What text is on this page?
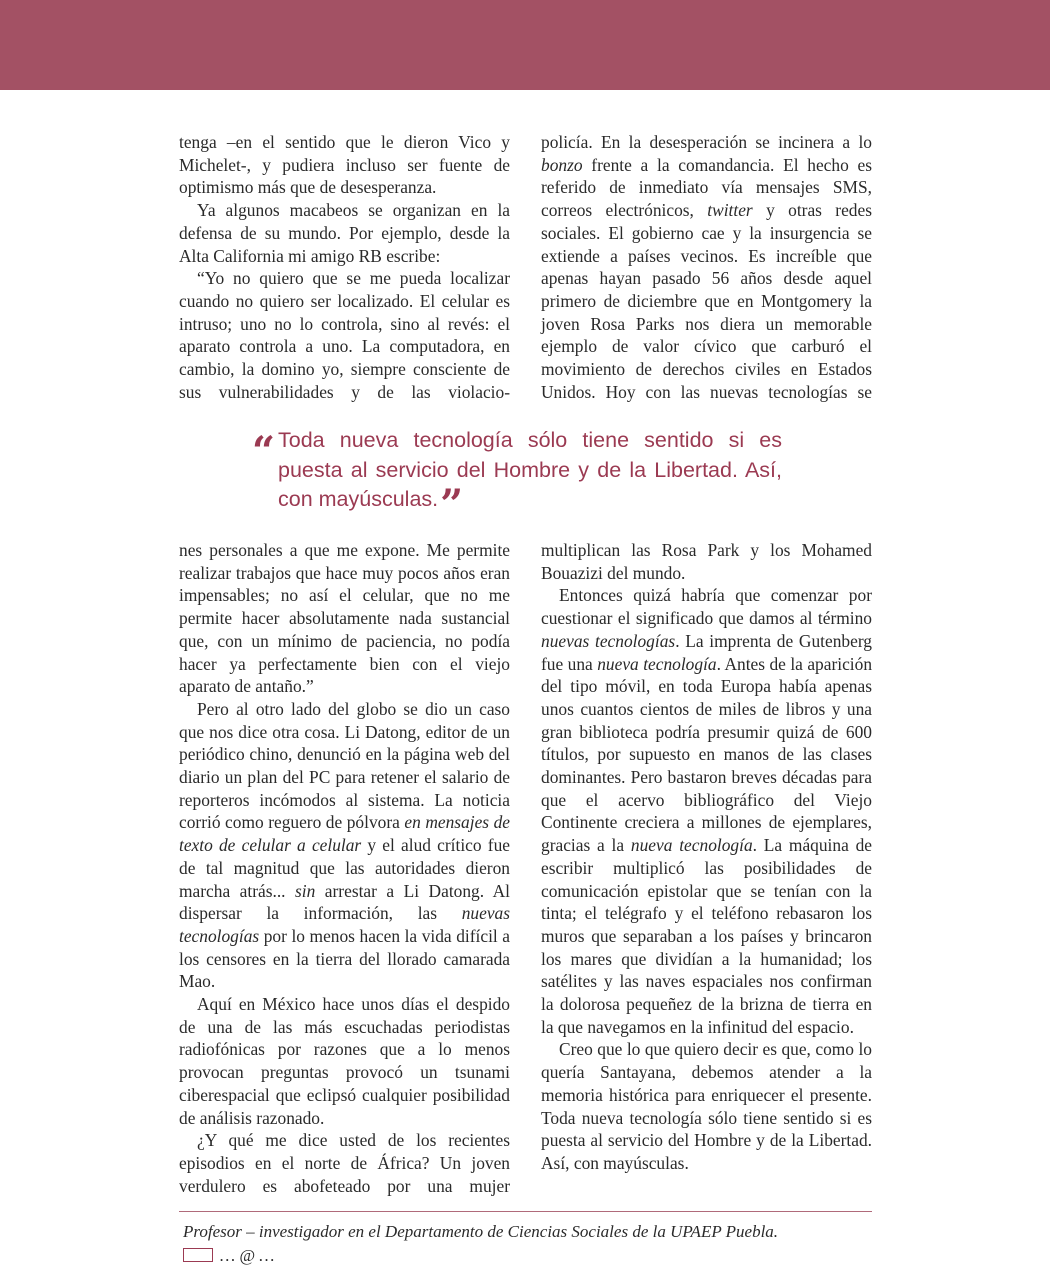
tenga –en el sentido que le dieron Vico y Michelet-, y pudiera incluso ser fuente de optimismo más que de desesperanza.

Ya algunos macabeos se organizan en la defensa de su mundo. Por ejemplo, desde la Alta California mi amigo RB escribe:

“Yo no quiero que se me pueda localizar cuando no quiero ser localizado. El celular es intruso; uno no lo controla, sino al revés: el aparato controla a uno. La computadora, en cambio, la domino yo, siempre consciente de sus vulnerabilidades y de las violacio-

policía. En la desesperación se incinera a lo bonzo frente a la comandancia. El hecho es referido de inmediato vía mensajes SMS, correos electrónicos, twitter y otras redes sociales. El gobierno cae y la insurgencia se extiende a países vecinos. Es increíble que apenas hayan pasado 56 años desde aquel primero de diciembre que en Montgomery la joven Rosa Parks nos diera un memorable ejemplo de valor cívico que carburó el movimiento de derechos civiles en Estados Unidos. Hoy con las nuevas tecnologías se

“ Toda nueva tecnología sólo tiene sentido si es puesta al servicio del Hombre y de la Libertad. Así, con mayúsculas.”

nes personales a que me expone. Me permite realizar trabajos que hace muy pocos años eran impensables; no así el celular, que no me permite hacer absolutamente nada sustancial que, con un mínimo de paciencia, no podía hacer ya perfectamente bien con el viejo aparato de antaño.”

Pero al otro lado del globo se dio un caso que nos dice otra cosa. Li Datong, editor de un periódico chino, denunció en la página web del diario un plan del PC para retener el salario de reporteros incómodos al sistema. La noticia corrió como reguero de pólvora en mensajes de texto de celular a celular y el alud crítico fue de tal magnitud que las autoridades dieron marcha atrás... sin arrestar a Li Datong. Al dispersar la información, las nuevas tecnologías por lo menos hacen la vida difícil a los censores en la tierra del llorado camarada Mao.

Aquí en México hace unos días el despido de una de las más escuchadas periodistas radiofónicas por razones que a lo menos provocan preguntas provocó un tsunami ciberespacial que eclipsó cualquier posibilidad de análisis razonado.

¿Y qué me dice usted de los recientes episodios en el norte de África? Un joven verdulero es abofeteado por una mujer

multiplican las Rosa Park y los Mohamed Bouazizi del mundo.

Entonces quizá habría que comenzar por cuestionar el significado que damos al término nuevas tecnologías. La imprenta de Gutenberg fue una nueva tecnología. Antes de la aparición del tipo móvil, en toda Europa había apenas unos cuantos cientos de miles de libros y una gran biblioteca podría presumir quizá de 600 títulos, por supuesto en manos de las clases dominantes. Pero bastaron breves décadas para que el acervo bibliográfico del Viejo Continente creciera a millones de ejemplares, gracias a la nueva tecnología. La máquina de escribir multiplicó las posibilidades de comunicación epistolar que se tenían con la tinta; el telégrafo y el teléfono rebasaron los muros que separaban a los países y brincaron los mares que dividían a la humanidad; los satélites y las naves espaciales nos confirman la dolorosa pequeñez de la brizna de tierra en la que navegamos en la infinitud del espacio.

Creo que lo que quiero decir es que, como lo quería Santayana, debemos atender a la memoria histórica para enriquecer el presente. Toda nueva tecnología sólo tiene sentido si es puesta al servicio del Hombre y de la Libertad. Así, con mayúsculas.

Profesor – investigador en el Departamento de Ciencias Sociales de la UPAEP Puebla.
… @ …
